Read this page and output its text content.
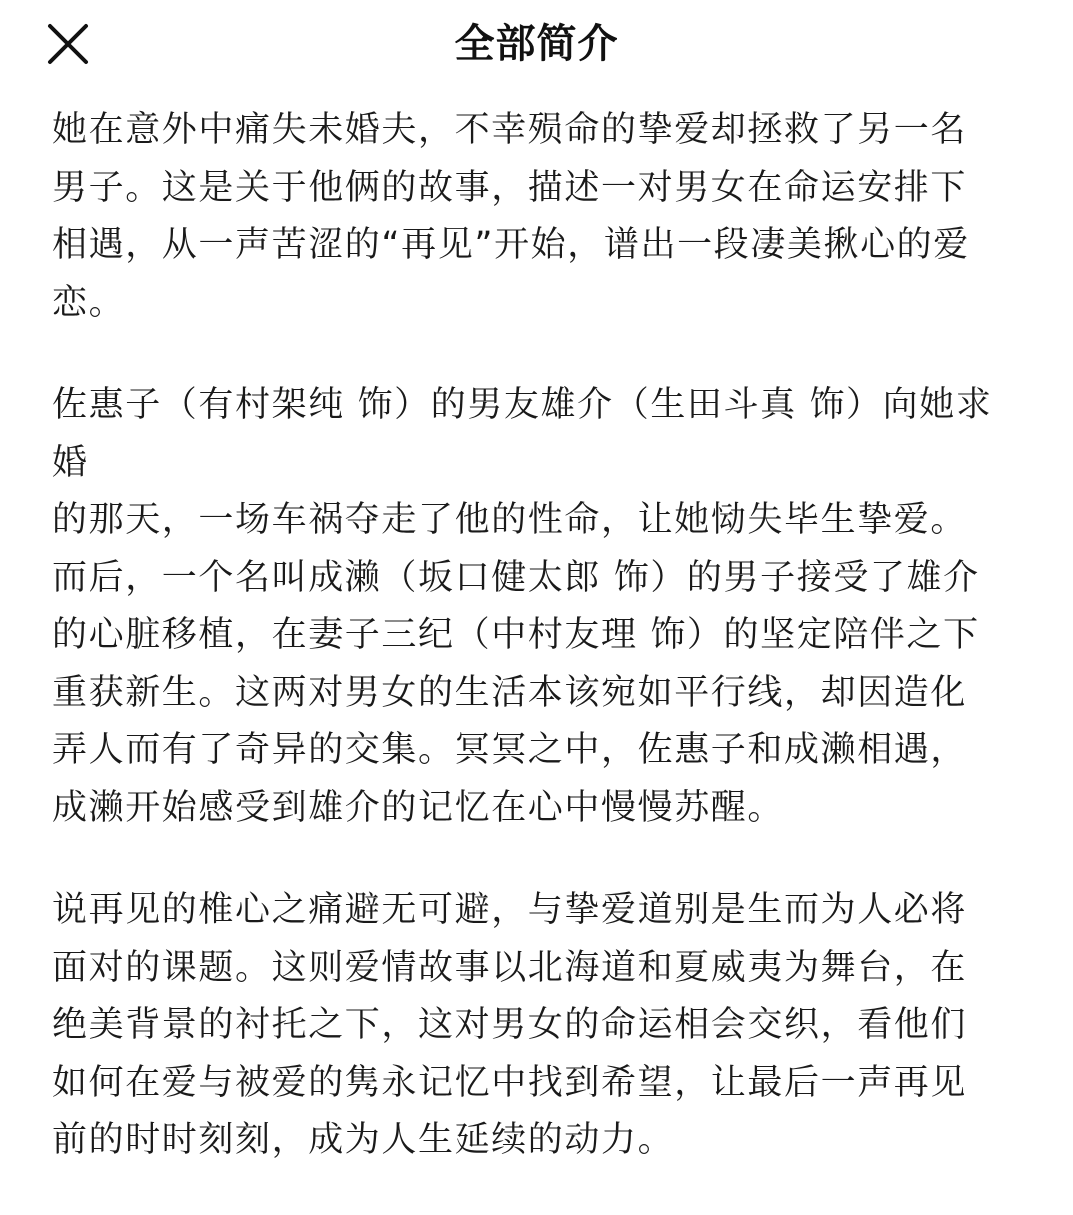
全部简介

她在意外中痛失未婚夫，不幸殒命的挚爱却拯救了另一名
男子。这是关于他俩的故事，描述一对男女在命运安排下
相遇，从一声苦涩的“再见”开始，谱出一段凄美揪心的爱
恋。

佐惠子（有村架纯 饰）的男友雄介（生田斗真 饰）向她求婚
的那天，一场车祸夺走了他的性命，让她恸失毕生挚爱。
而后，一个名叫成濑（坂口健太郎 饰）的男子接受了雄介
的心脏移植，在妻子三纪（中村友理 饰）的坚定陪伴之下
重获新生。这两对男女的生活本该宛如平行线，却因造化
弄人而有了奇异的交集。冥冥之中，佐惠子和成濑相遇，
成濑开始感受到雄介的记忆在心中慢慢苏醒。

说再见的椎心之痛避无可避，与挚爱道别是生而为人必将
面对的课题。这则爱情故事以北海道和夏威夷为舞台，在
绝美背景的衬托之下，这对男女的命运相会交织，看他们
如何在爱与被爱的隽永记忆中找到希望，让最后一声再见
前的时时刻刻，成为人生延续的动力。
